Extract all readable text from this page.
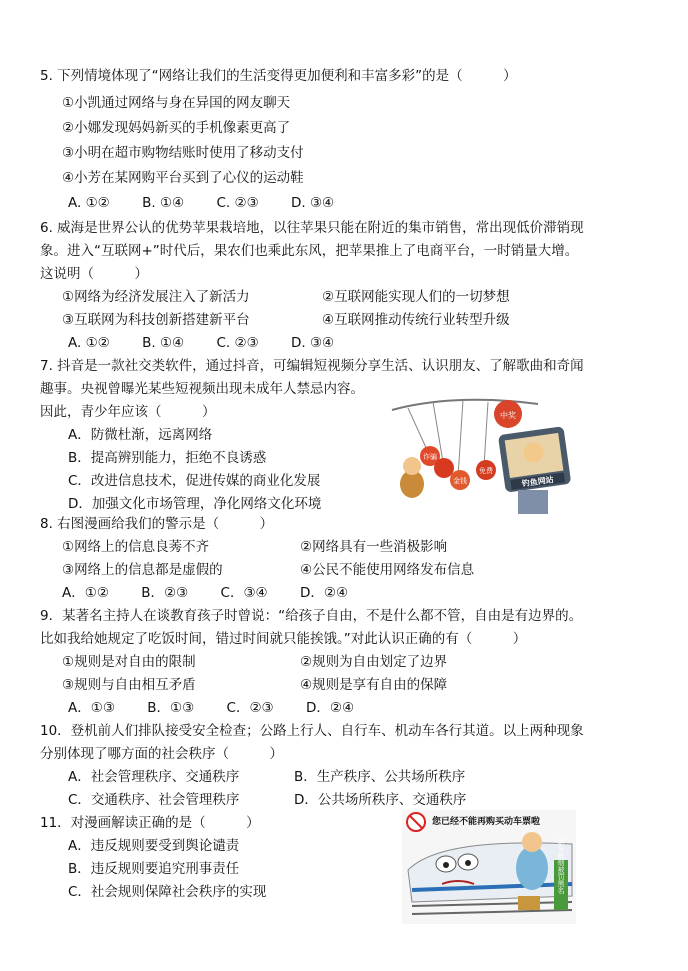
5. 下列情境体现了“网络让我们的生活变得更加便利和丰富多彩”的是（　　　）
①小凯通过网络与身在异国的网友聊天
②小娜发现妈妈新买的手机像素更高了
③小明在超市购物结账时使用了移动支付
④小芳在某网购平台买到了心仪的运动鞋
A. ①② B. ①④ C. ②③ D. ③④
6. 威海是世界公认的优势苹果栽培地，以往苹果只能在附近的集市销售，常出现低价滞销现
象。进入“互联网+”时代后，果农们也乘此东风，把苹果推上了电商平台，一时销量大增。
这说明（　　　）
①网络为经济发展注入了新活力	②互联网能实现人们的一切梦想
③互联网为科技创新搭建新平台	④互联网推动传统行业转型升级
A. ①② B. ①④ C. ②③ D. ③④
7. 抖音是一款社交类软件，通过抖音，可编辑短视频分享生活、认识朋友、了解歌曲和奇闻
趣事。央视曾曝光某些短视频出现未成年人禁忌内容。
因此，青少年应该（　　　）
A．防微杜渐，远离网络
B．提高辨别能力，拒绝不良诱惑
C．改进信息技术，促进传媒的商业化发展
D．加强文化市场管理，净化网络文化环境
中奖
诈骗
金钱
免费
钓鱼网站
8. 右图漫画给我们的警示是（　　　）
①网络上的信息良莠不齐	②网络具有一些消极影响
③网络上的信息都是虚假的	④公民不能使用网络发布信息
A．①② B．②③ C．③④ D．②④
9．某著名主持人在谈教育孩子时曾说：“给孩子自由，不是什么都不管，自由是有边界的。
比如我给她规定了吃饭时间，错过时间就只能挨饿。”对此认识正确的有（　　　）
①规则是对自由的限制	②规则为自由划定了边界
③规则与自由相互矛盾	④规则是享有自由的保障
A．①③ B．①③ C．②③ D．②④
10．登机前人们排队接受安全检查；公路上行人、自行车、机动车各行其道。以上两种现象
分别体现了哪方面的社会秩序（　　　）
A．社会管理秩序、交通秩序	B．生产秩序、公共场所秩序
C．交通秩序、社会管理秩序	D．公共场所秩序、交通秩序
11．对漫画解读正确的是（　　　）
A．违反规则要受到舆论谴责
B．违反规则要追究刑事责任
C．社会规则保障社会秩序的实现
您已经不能再购买动车票啦
动车吸烟被罚黑名
